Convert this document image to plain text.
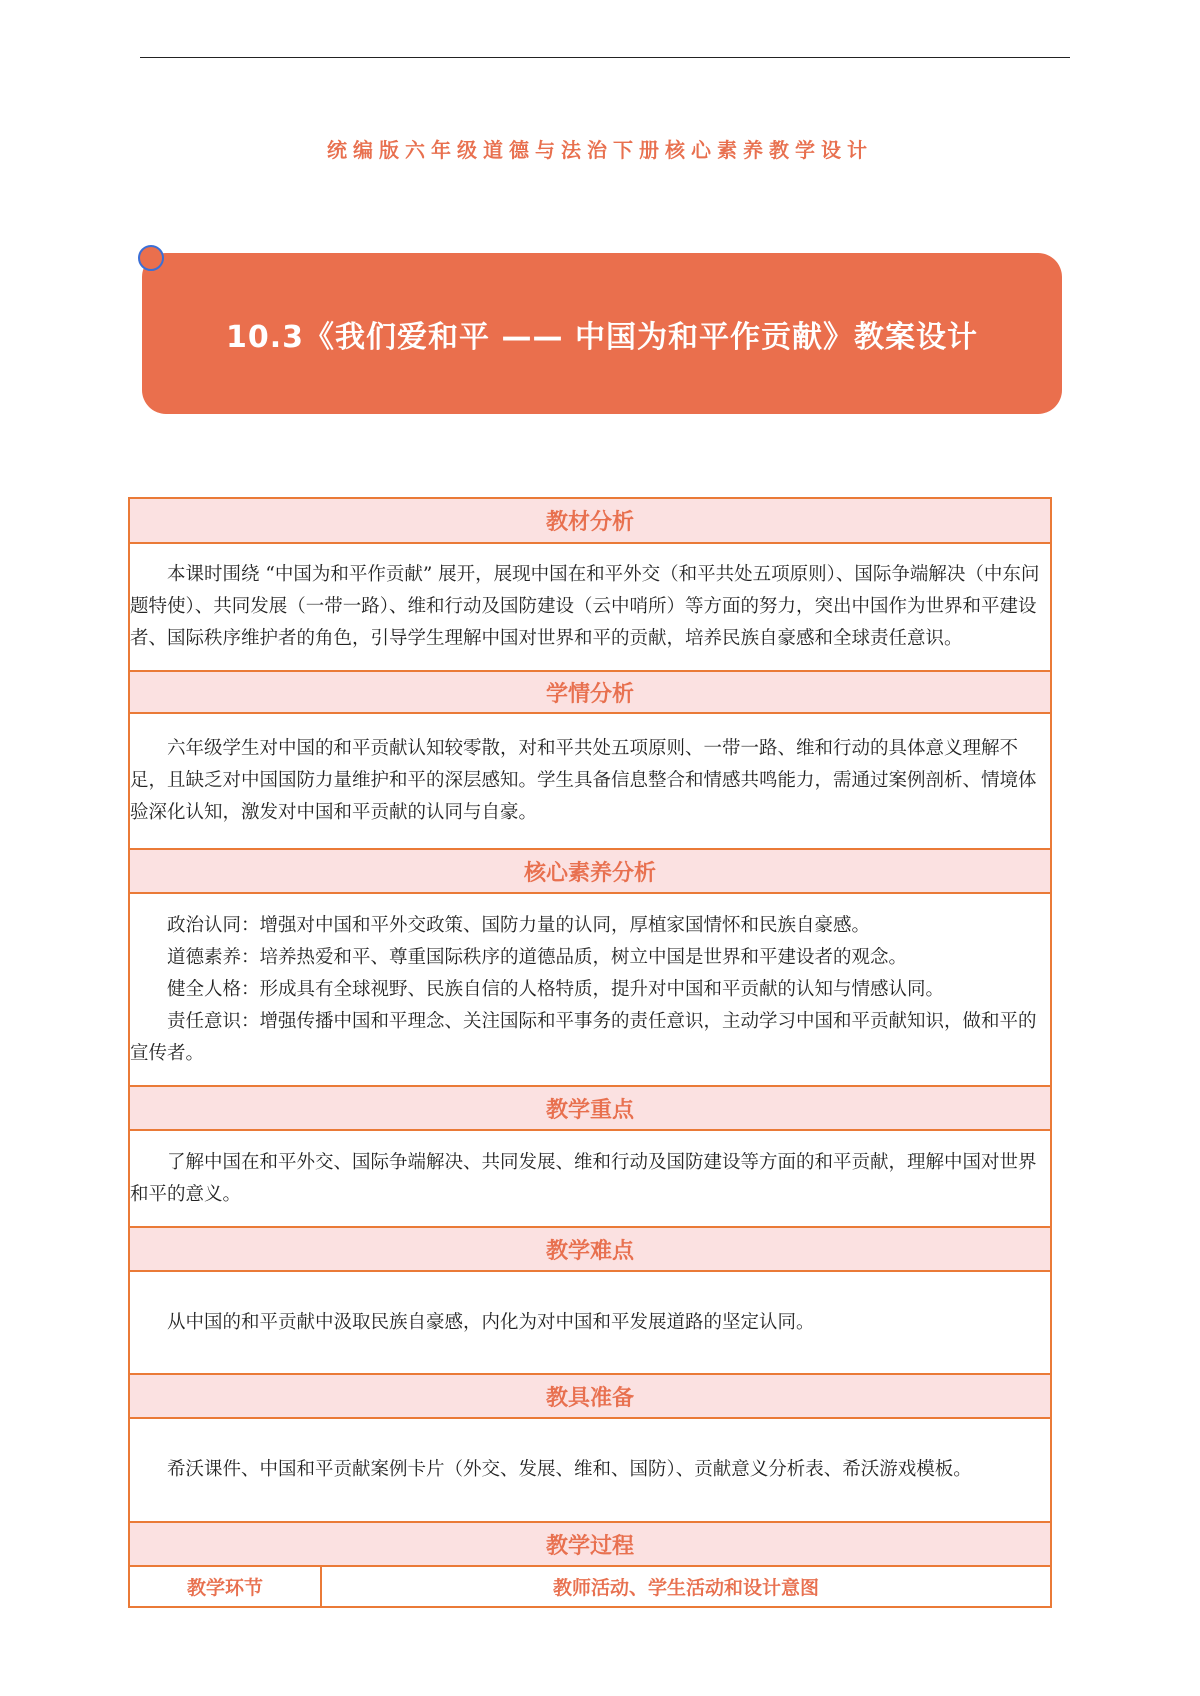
统编版六年级道德与法治下册核心素养教学设计
10.3《我们爱和平 —— 中国为和平作贡献》教案设计
教材分析

本课时围绕 “中国为和平作贡献” 展开，展现中国在和平外交（和平共处五项原则）、国际争端解决（中东问题特使）、共同发展（一带一路）、维和行动及国防建设（云中哨所）等方面的努力，突出中国作为世界和平建设者、国际秩序维护者的角色，引导学生理解中国对世界和平的贡献，培养民族自豪感和全球责任意识。

学情分析

六年级学生对中国的和平贡献认知较零散，对和平共处五项原则、一带一路、维和行动的具体意义理解不足，且缺乏对中国国防力量维护和平的深层感知。学生具备信息整合和情感共鸣能力，需通过案例剖析、情境体验深化认知，激发对中国和平贡献的认同与自豪。

核心素养分析

政治认同：增强对中国和平外交政策、国防力量的认同，厚植家国情怀和民族自豪感。

道德素养：培养热爱和平、尊重国际秩序的道德品质，树立中国是世界和平建设者的观念。

健全人格：形成具有全球视野、民族自信的人格特质，提升对中国和平贡献的认知与情感认同。

责任意识：增强传播中国和平理念、关注国际和平事务的责任意识，主动学习中国和平贡献知识，做和平的宣传者。

教学重点

了解中国在和平外交、国际争端解决、共同发展、维和行动及国防建设等方面的和平贡献，理解中国对世界和平的意义。

教学难点

从中国的和平贡献中汲取民族自豪感，内化为对中国和平发展道路的坚定认同。

教具准备

希沃课件、中国和平贡献案例卡片（外交、发展、维和、国防）、贡献意义分析表、希沃游戏模板。

教学过程
教学环节	教师活动、学生活动和设计意图
